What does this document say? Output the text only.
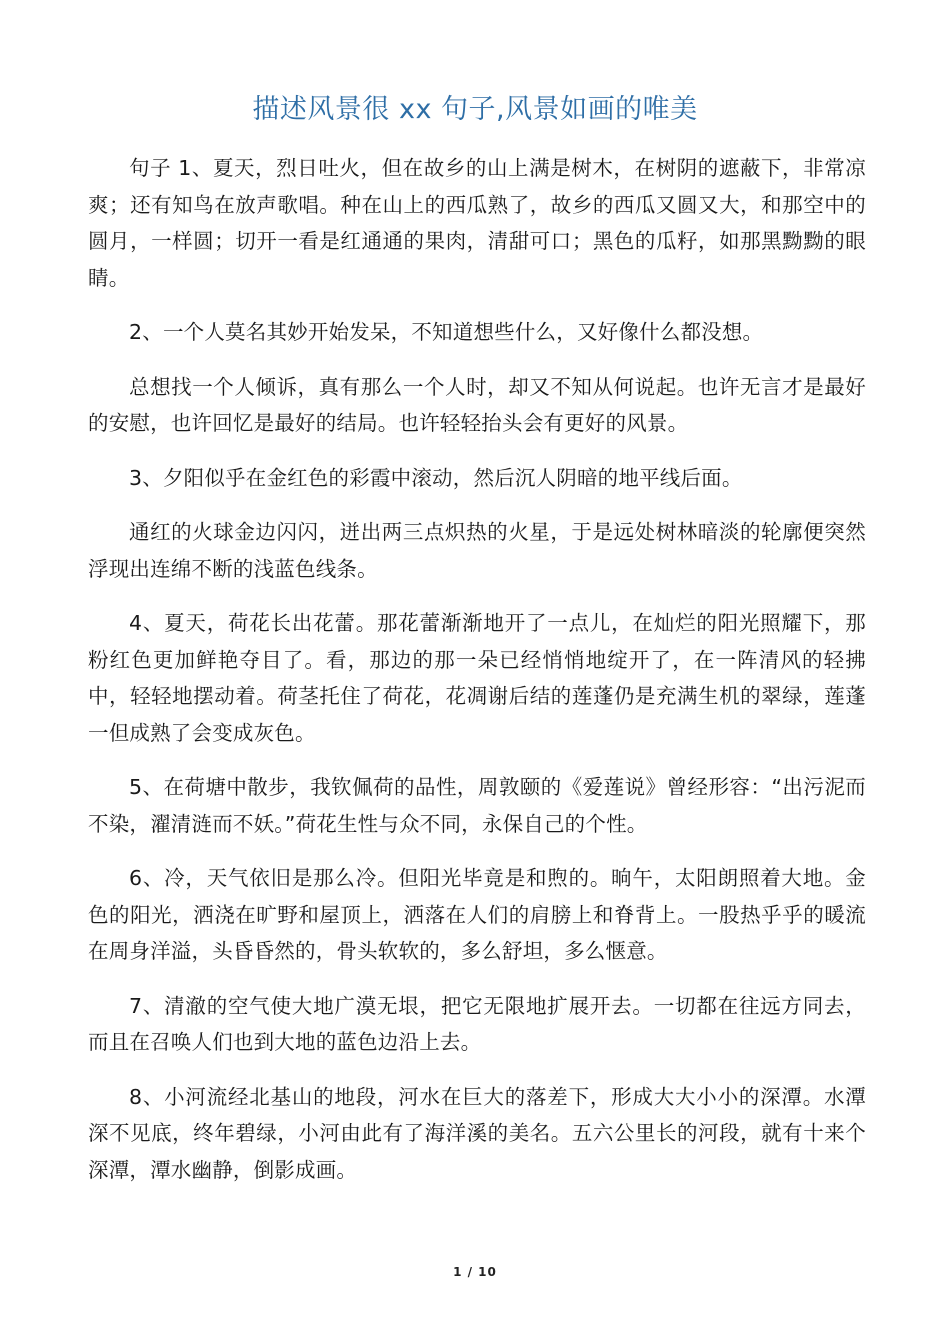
描述风景很 xx 句子,风景如画的唯美

句子 1、夏天，烈日吐火，但在故乡的山上满是树木，在树阴的遮蔽下，非常凉爽；还有知鸟在放声歌唱。种在山上的西瓜熟了，故乡的西瓜又圆又大，和那空中的圆月，一样圆；切开一看是红通通的果肉，清甜可口；黑色的瓜籽，如那黑黝黝的眼睛。

2、一个人莫名其妙开始发呆，不知道想些什么，又好像什么都没想。

总想找一个人倾诉，真有那么一个人时，却又不知从何说起。也许无言才是最好的安慰，也许回忆是最好的结局。也许轻轻抬头会有更好的风景。

3、夕阳似乎在金红色的彩霞中滚动，然后沉人阴暗的地平线后面。

通红的火球金边闪闪，迸出两三点炽热的火星，于是远处树林暗淡的轮廓便突然浮现出连绵不断的浅蓝色线条。

4、夏天，荷花长出花蕾。那花蕾渐渐地开了一点儿，在灿烂的阳光照耀下，那粉红色更加鲜艳夺目了。看，那边的那一朵已经悄悄地绽开了，在一阵清风的轻拂中，轻轻地摆动着。荷茎托住了荷花，花凋谢后结的莲蓬仍是充满生机的翠绿，莲蓬一但成熟了会变成灰色。

5、在荷塘中散步，我钦佩荷的品性，周敦颐的《爱莲说》曾经形容：“出污泥而不染，濯清涟而不妖。”荷花生性与众不同，永保自己的个性。

6、冷，天气依旧是那么冷。但阳光毕竟是和煦的。晌午，太阳朗照着大地。金色的阳光，洒浇在旷野和屋顶上，洒落在人们的肩膀上和脊背上。一股热乎乎的暖流在周身洋溢，头昏昏然的，骨头软软的，多么舒坦，多么惬意。

7、清澈的空气使大地广漠无垠，把它无限地扩展开去。一切都在往远方同去，而且在召唤人们也到大地的蓝色边沿上去。

8、小河流经北基山的地段，河水在巨大的落差下，形成大大小小的深潭。水潭深不见底，终年碧绿，小河由此有了海洋溪的美名。五六公里长的河段，就有十来个深潭，潭水幽静，倒影成画。

1 / 10
